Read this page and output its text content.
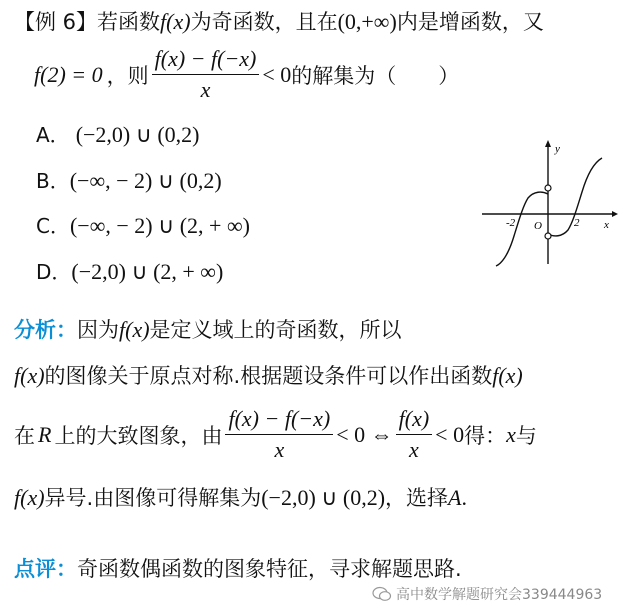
【例 6】若函数f(x)为奇函数，且在(0,+∞)内是增函数，又
f(2) = 0 ，则 $\frac{f(x) - f(-x)}{x} < 0$ 的解集为（　　）
A． (−2,0) ∪ (0,2)
B．(−∞, − 2) ∪ (0,2)
C．(−∞, − 2) ∪ (2, + ∞)
D．(−2,0) ∪ (2, + ∞)
y
x
O
-2	2
分析：因为f(x)是定义域上的奇函数，所以
f(x)的图像关于原点对称.根据题设条件可以作出函数f(x)
在 R 上的大致图象，由 $\frac{f(x) - f(-x)}{x} < 0$ ⇔ $\frac{f(x)}{x} < 0$ 得： x 与
f(x)异号.由图像可得解集为(−2,0) ∪ (0,2)，选择A.
点评：奇函数偶函数的图象特征，寻求解题思路.
高中数学解题研究会339444963
